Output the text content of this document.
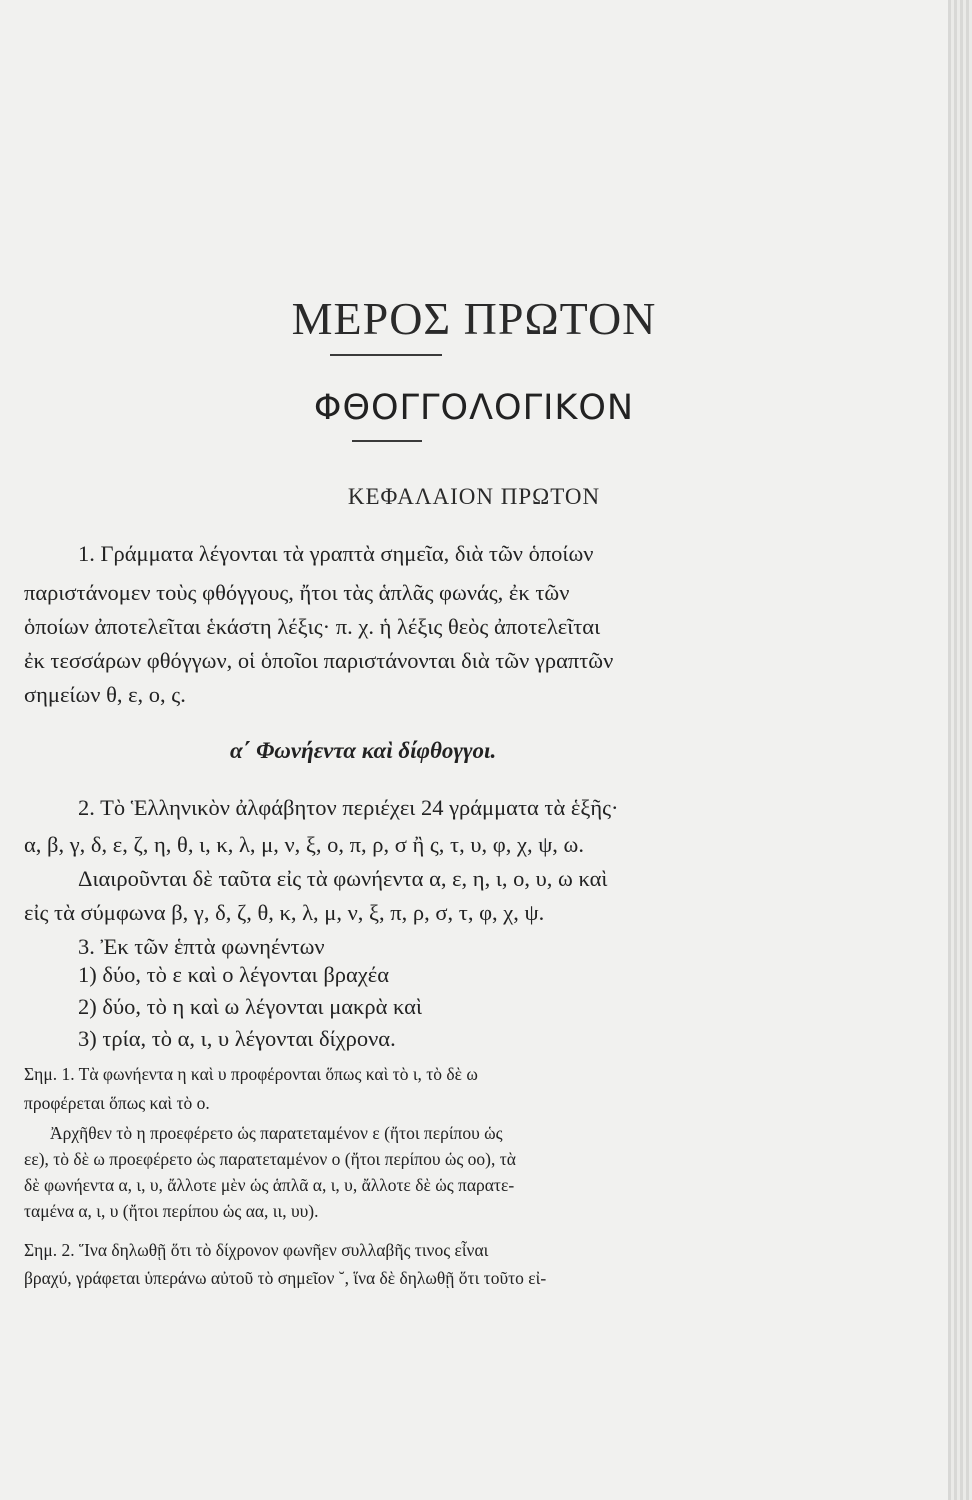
ΜΕΡΟΣ ΠΡΩΤΟΝ
ΦΘΟΓΓΟΛΟΓΙΚΟΝ
ΚΕΦΑΛΑΙΟΝ ΠΡΩΤΟΝ
1. Γράμματα λέγονται τὰ γραπτὰ σημεῖα, διὰ τῶν ὁποίων
παριστάνομεν τοὺς φθόγγους, ἤτοι τὰς ἁπλᾶς φωνάς, ἐκ τῶν
ὁποίων ἀποτελεῖται ἑκάστη λέξις· π. χ. ἡ λέξις θεὸς ἀποτελεῖται
ἐκ τεσσάρων φθόγγων, οἱ ὁποῖοι παριστάνονται διὰ τῶν γραπτῶν
σημείων θ, ε, ο, ς.
α΄ Φωνήεντα καὶ δίφθογγοι.
2. Τὸ Ἑλληνικὸν ἀλφάβητον περιέχει 24 γράμματα τὰ ἑξῆς·
α, β, γ, δ, ε, ζ, η, θ, ι, κ, λ, μ, ν, ξ, ο, π, ρ, σ ἢ ς, τ, υ, φ, χ, ψ, ω.
Διαιροῦνται δὲ ταῦτα εἰς τὰ φωνήεντα α, ε, η, ι, ο, υ, ω καὶ
εἰς τὰ σύμφωνα β, γ, δ, ζ, θ, κ, λ, μ, ν, ξ, π, ρ, σ, τ, φ, χ, ψ.
3. Ἐκ τῶν ἑπτὰ φωνηέντων
1) δύο, τὸ ε καὶ ο λέγονται βραχέα
2) δύο, τὸ η καὶ ω λέγονται μακρὰ καὶ
3) τρία, τὸ α, ι, υ λέγονται δίχρονα.
Σημ. 1. Τὰ φωνήεντα η καὶ υ προφέρονται ὅπως καὶ τὸ ι, τὸ δὲ ω
προφέρεται ὅπως καὶ τὸ ο.
Ἀρχῆθεν τὸ η προεφέρετο ὡς παρατεταμένον ε (ἤτοι περίπου ὡς
εε), τὸ δὲ ω προεφέρετο ὡς παρατεταμένον ο (ἤτοι περίπου ὡς οο), τὰ
δὲ φωνήεντα α, ι, υ, ἄλλοτε μὲν ὡς ἁπλᾶ α, ι, υ, ἄλλοτε δὲ ὡς παρατε-
ταμένα α, ι, υ (ἤτοι περίπου ὡς αα, ιι, υυ).
Σημ. 2. Ἵνα δηλωθῇ ὅτι τὸ δίχρονον φωνῆεν συλλαβῆς τινος εἶναι
βραχύ, γράφεται ὑπεράνω αὐτοῦ τὸ σημεῖον ˘, ἵνα δὲ δηλωθῇ ὅτι τοῦτο εἰ-
